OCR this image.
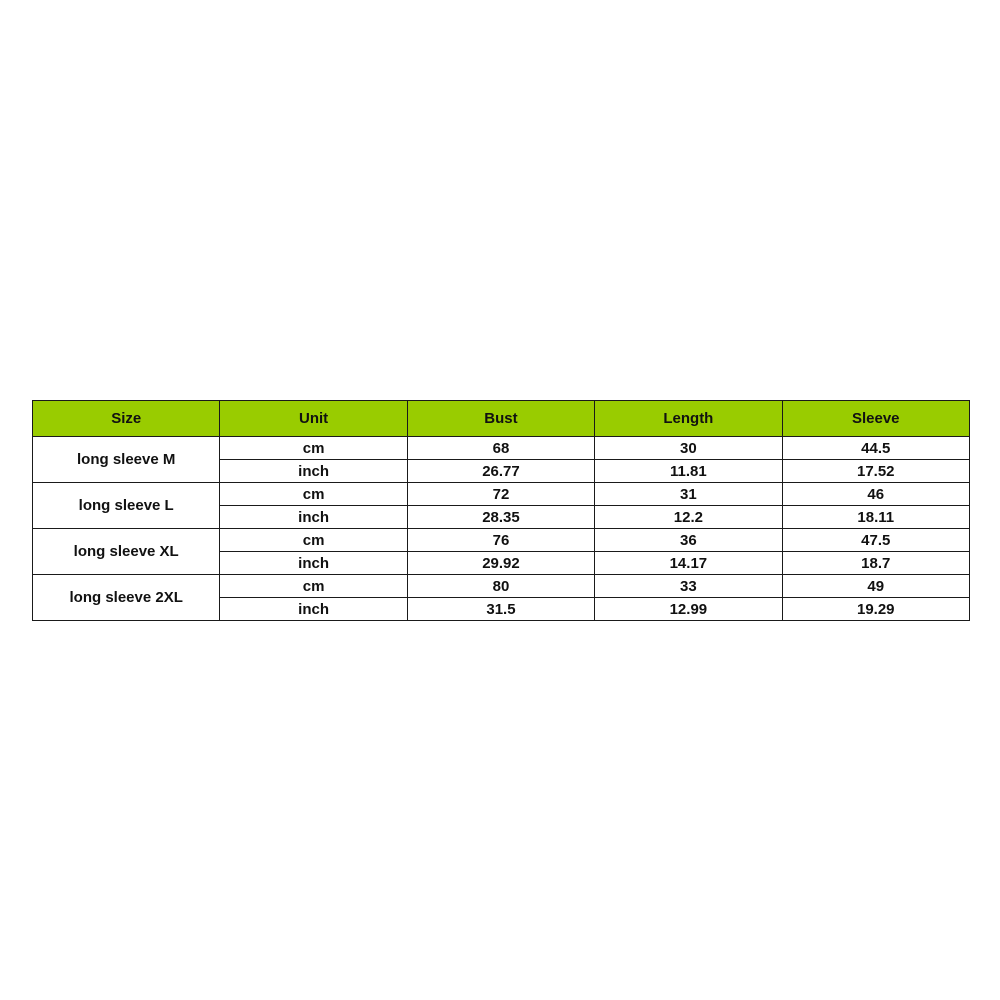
Size	Unit	Bust	Length	Sleeve
long sleeve M	cm	68	30	44.5
	inch	26.77	11.81	17.52
long sleeve L	cm	72	31	46
	inch	28.35	12.2	18.11
long sleeve XL	cm	76	36	47.5
	inch	29.92	14.17	18.7
long sleeve 2XL	cm	80	33	49
	inch	31.5	12.99	19.29
